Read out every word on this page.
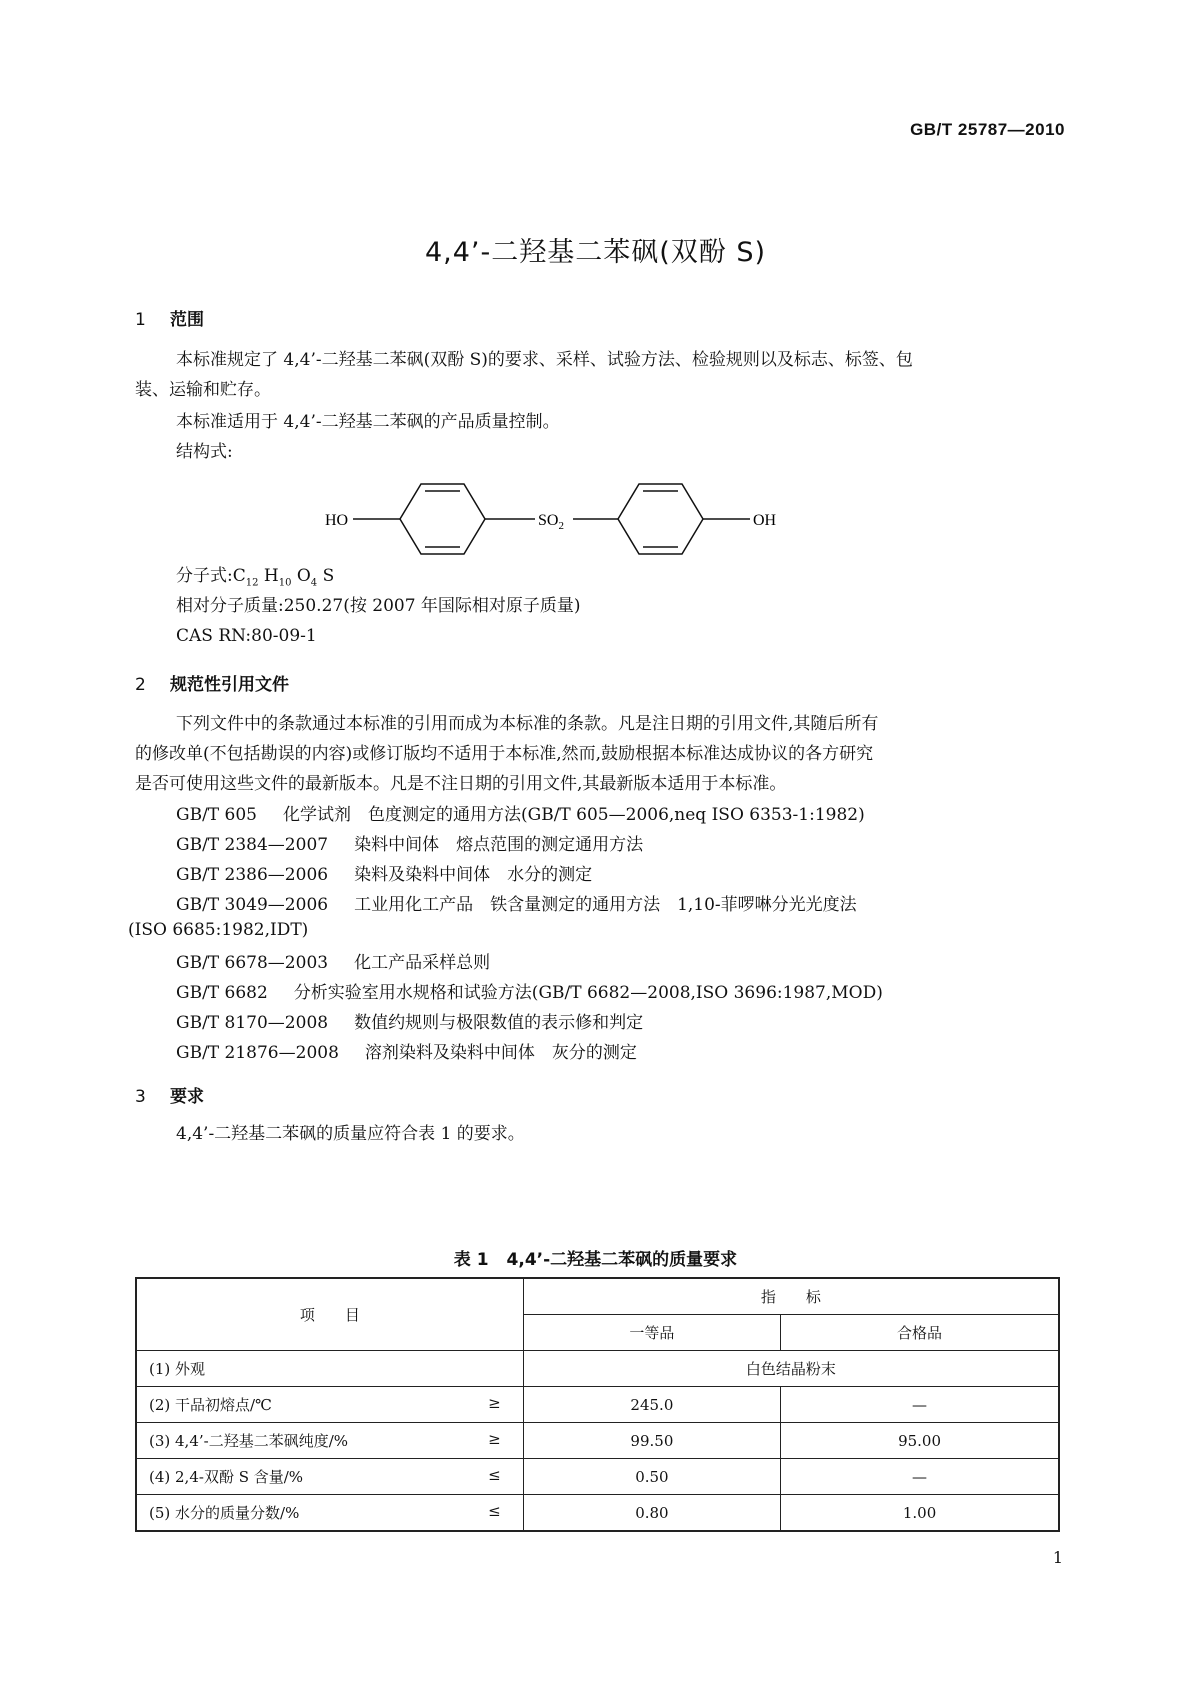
GB/T 25787—2010
4,4’-二羟基二苯砜(双酚 S)
1 范围
本标准规定了 4,4’-二羟基二苯砜(双酚 S)的要求、采样、试验方法、检验规则以及标志、标签、包
装、运输和贮存。
本标准适用于 4,4’-二羟基二苯砜的产品质量控制。
结构式:
HO	$SO_2$	OH
分子式$:C_{12}$ $H_{10}$ $O_4$ S
相对分子质量:250.27(按 2007 年国际相对原子质量)
CAS RN:80-09-1
2 规范性引用文件
下列文件中的条款通过本标准的引用而成为本标准的条款。凡是注日期的引用文件,其随后所有
的修改单(不包括勘误的内容)或修订版均不适用于本标准,然而,鼓励根据本标准达成协议的各方研究
是否可使用这些文件的最新版本。凡是不注日期的引用文件,其最新版本适用于本标准。
GB/T 605 化学试剂　色度测定的通用方法(GB/T 605—2006,neq ISO 6353-1:1982)
GB/T 2384—2007 染料中间体　熔点范围的测定通用方法
GB/T 2386—2006 染料及染料中间体　水分的测定
GB/T 3049—2006 工业用化工产品　铁含量测定的通用方法　1,10-菲啰啉分光光度法
(ISO 6685:1982,IDT)
GB/T 6678—2003 化工产品采样总则
GB/T 6682 分析实验室用水规格和试验方法(GB/T 6682—2008,ISO 3696:1987,MOD)
GB/T 8170—2008 数值约规则与极限数值的表示修和判定
GB/T 21876—2008 溶剂染料及染料中间体　灰分的测定
3 要求
4,4’-二羟基二苯砜的质量应符合表 1 的要求。
表 1 4,4’-二羟基二苯砜的质量要求
项　　目	指　　标	
	一等品	合格品

(1) 外观	白色结晶粉末	

(2) 干品初熔点/℃ ≥	245.0	—

(3) 4,4’-二羟基二苯砜纯度/% ≥	99.50	95.00

(4) 2,4-双酚 S 含量/% ≤	0.50	—

(5) 水分的质量分数/% ≤	0.80	1.00
1
